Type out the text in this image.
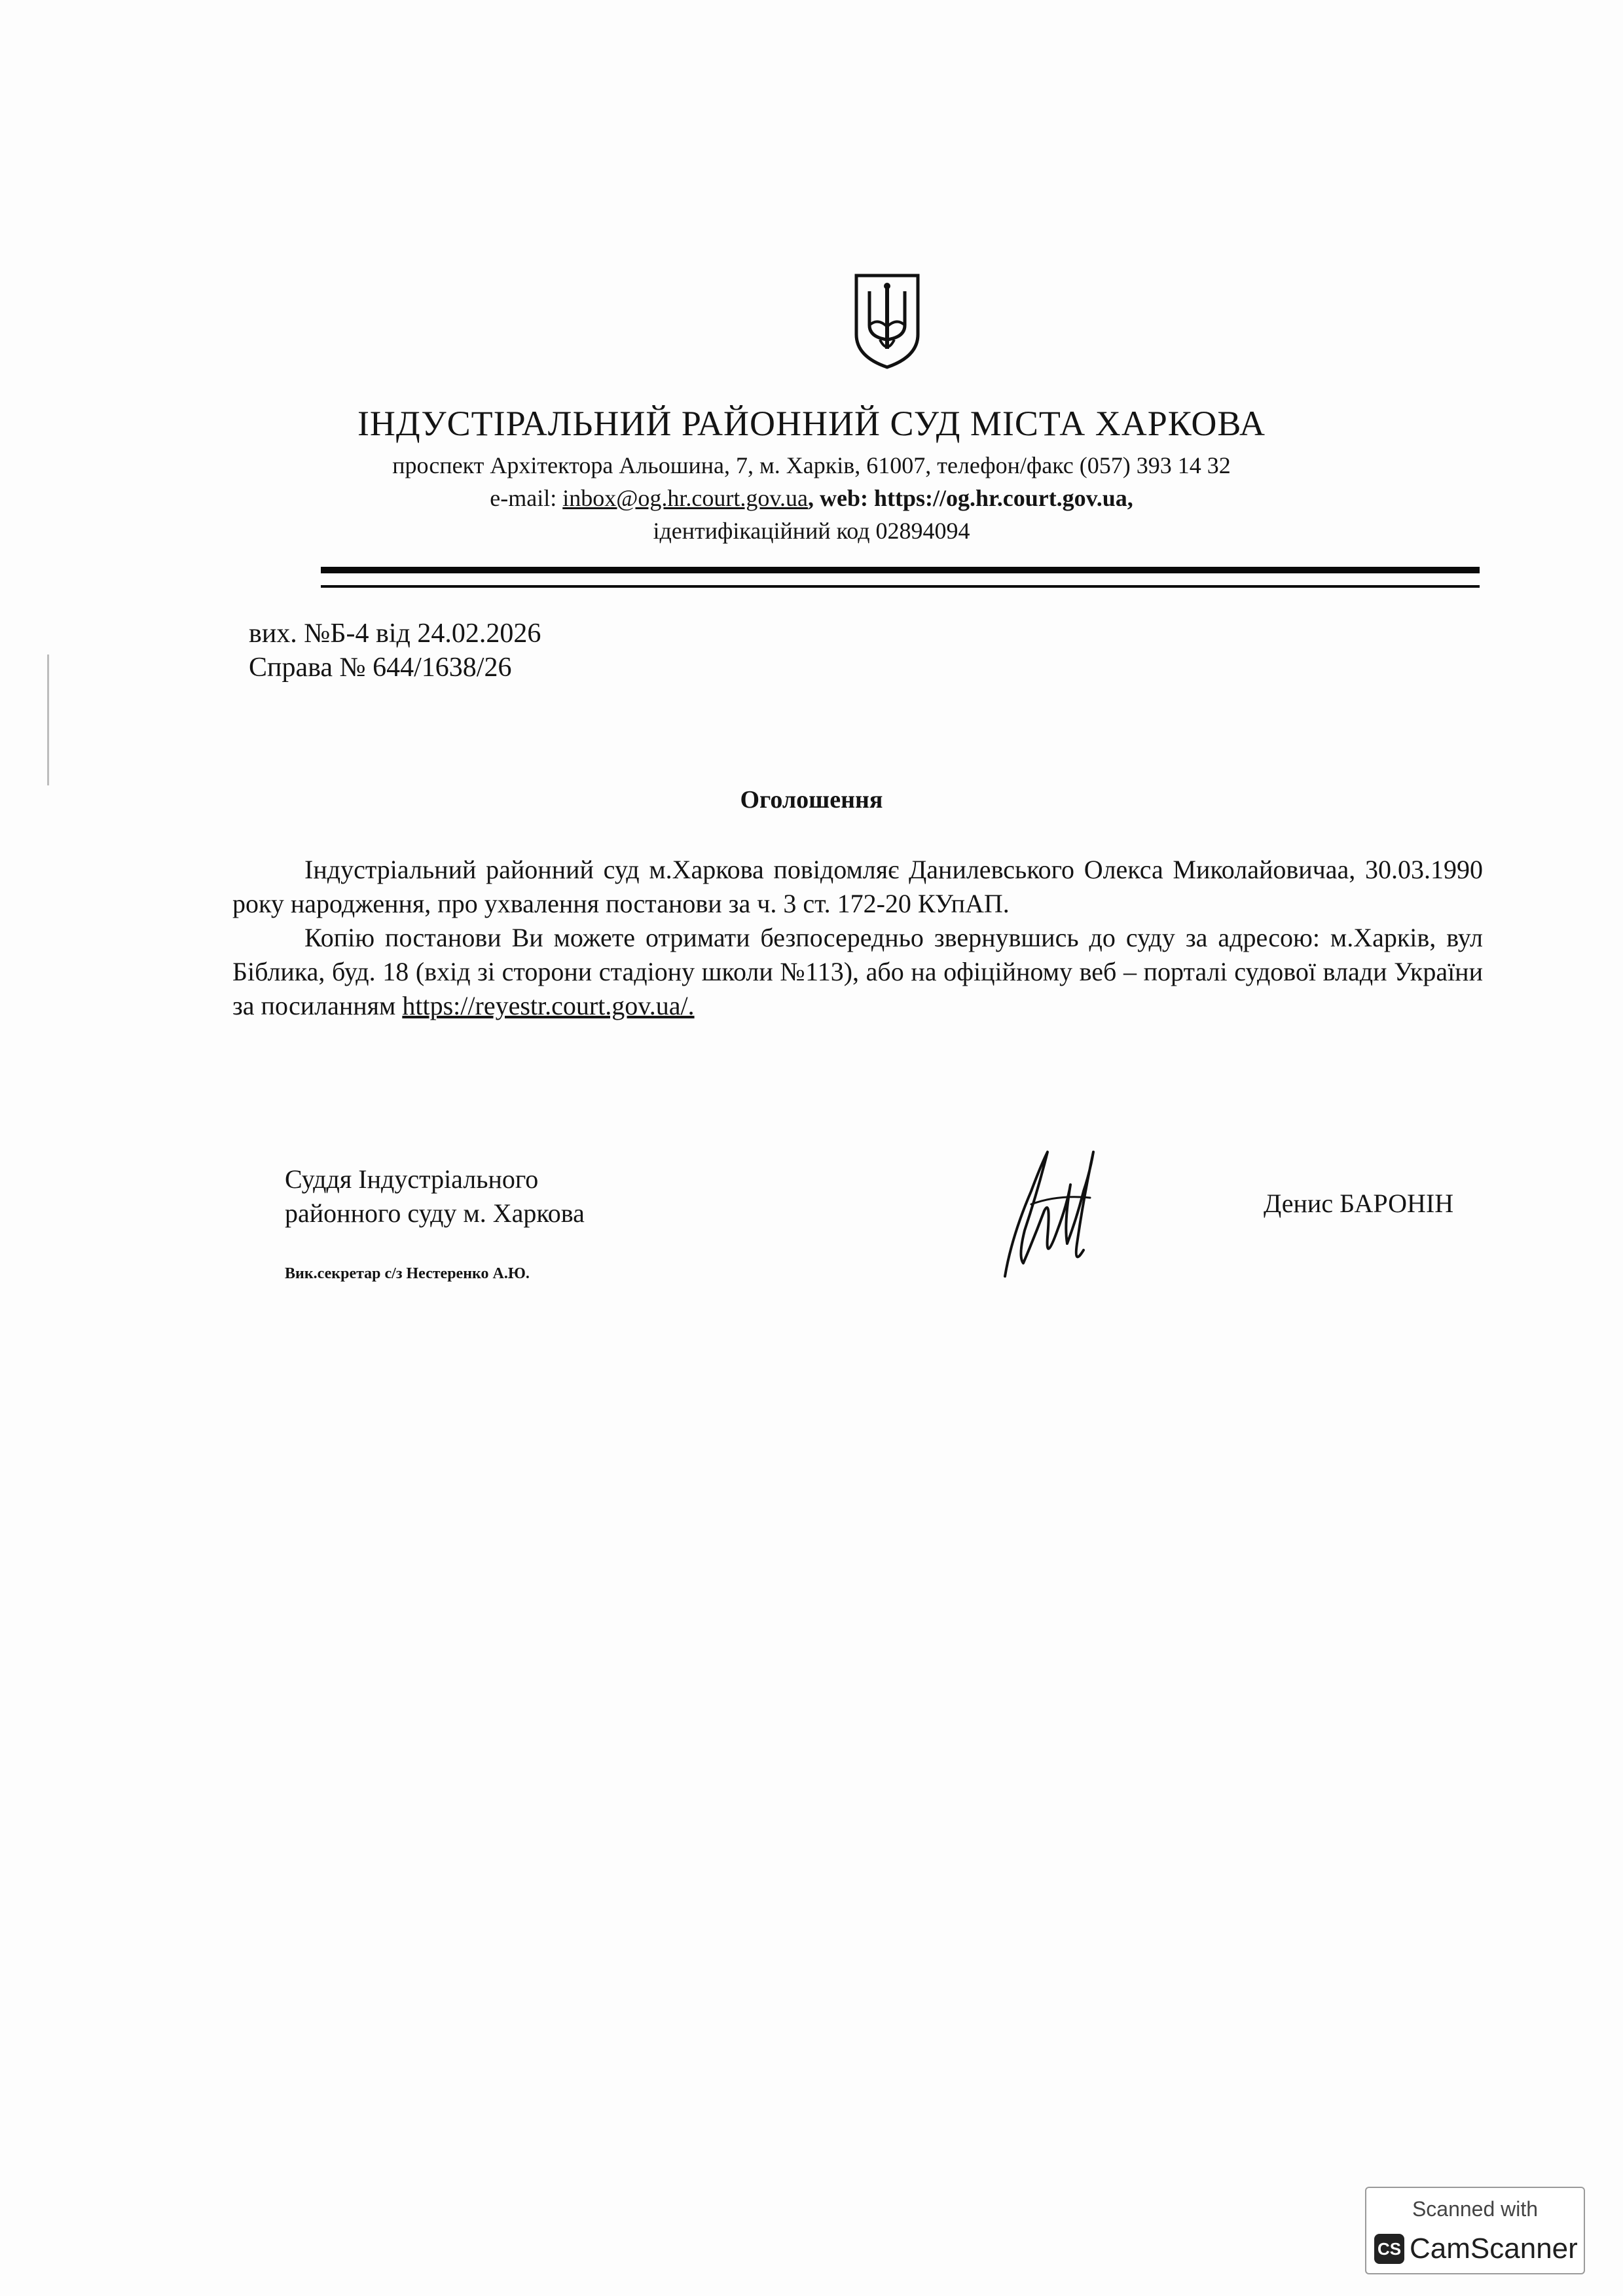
ІНДУСТІРАЛЬНИЙ РАЙОННИЙ СУД МІСТА ХАРКОВА
проспект Архітектора Альошина, 7, м. Харків, 61007, телефон/факс (057) 393 14 32
e-mail: inbox@og.hr.court.gov.ua, web: https://og.hr.court.gov.ua,
ідентифікаційний код 02894094
вих. №Б-4 від 24.02.2026
Справа № 644/1638/26
Оголошення
Індустріальний районний суд м.Харкова повідомляє Данилевського Олекса Миколайовичаа, 30.03.1990 року народження, про ухвалення постанови за ч. 3 ст. 172-20 КУпАП.
Копію постанови Ви можете отримати безпосередньо звернувшись до суду за адресою: м.Харків, вул Біблика, буд. 18 (вхід зі сторони стадіону школи №113), або на офіційному веб – порталі судової влади України за посиланням https://reyestr.court.gov.ua/.
Суддя Індустріального
районного суду м. Харкова
Вик.секретар с/з Нестеренко А.Ю.
Денис БАРОНІН
Scanned with
CS CamScanner
